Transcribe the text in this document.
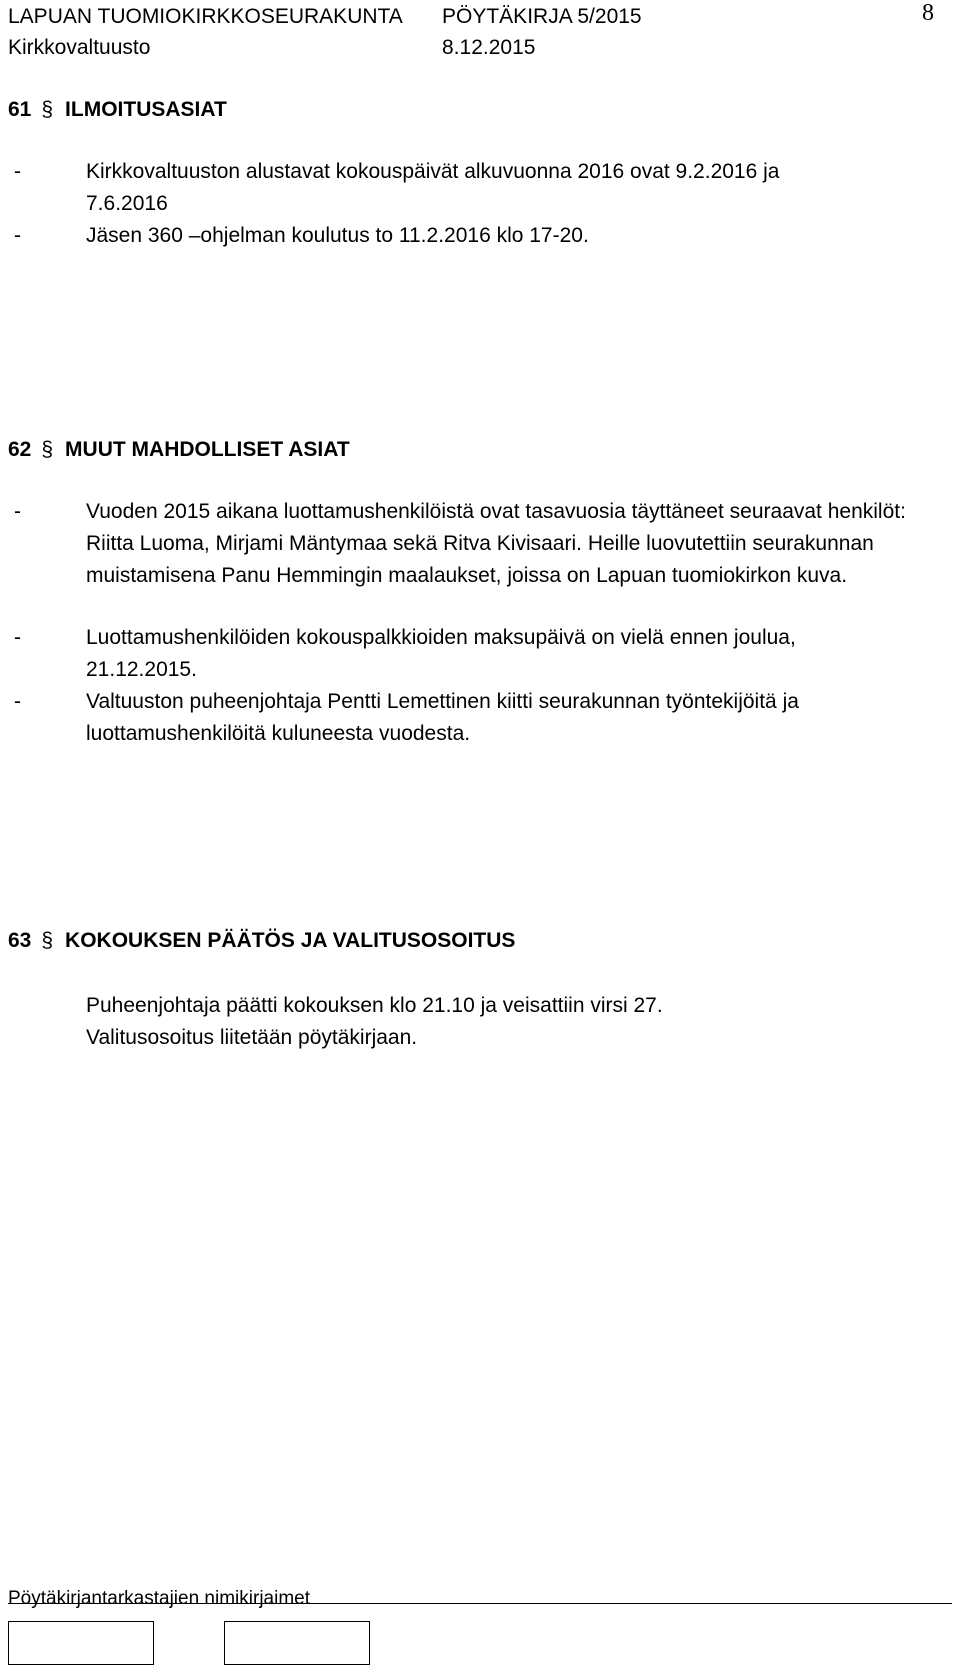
LAPUAN TUOMIOKIRKKOSEURAKUNTA PÖYTÄKIRJA 5/2015
Kirkkovaltuusto	8.12.2015
8
61 § ILMOITUSASIAT
-	Kirkkovaltuuston alustavat kokouspäivät alkuvuonna 2016 ovat 9.2.2016 ja 7.6.2016
-	Jäsen 360 –ohjelman koulutus to 11.2.2016 klo 17-20.
62 § MUUT MAHDOLLISET ASIAT
-	Vuoden 2015 aikana luottamushenkilöistä ovat tasavuosia täyttäneet seuraavat henkilöt: Riitta Luoma, Mirjami Mäntymaa sekä Ritva Kivisaari. Heille luovutettiin seurakunnan muistamisena Panu Hemmingin maalaukset, joissa on Lapuan tuomiokirkon kuva.
-	Luottamushenkilöiden kokouspalkkioiden maksupäivä on vielä ennen joulua, 21.12.2015.
-	Valtuuston puheenjohtaja Pentti Lemettinen kiitti seurakunnan työntekijöitä ja luottamushenkilöitä kuluneesta vuodesta.
63 § KOKOUKSEN PÄÄTÖS JA VALITUSOSOITUS
Puheenjohtaja päätti kokouksen klo 21.10 ja veisattiin virsi 27.
Valitusosoitus liitetään pöytäkirjaan.
Pöytäkirjantarkastajien nimikirjaimet
